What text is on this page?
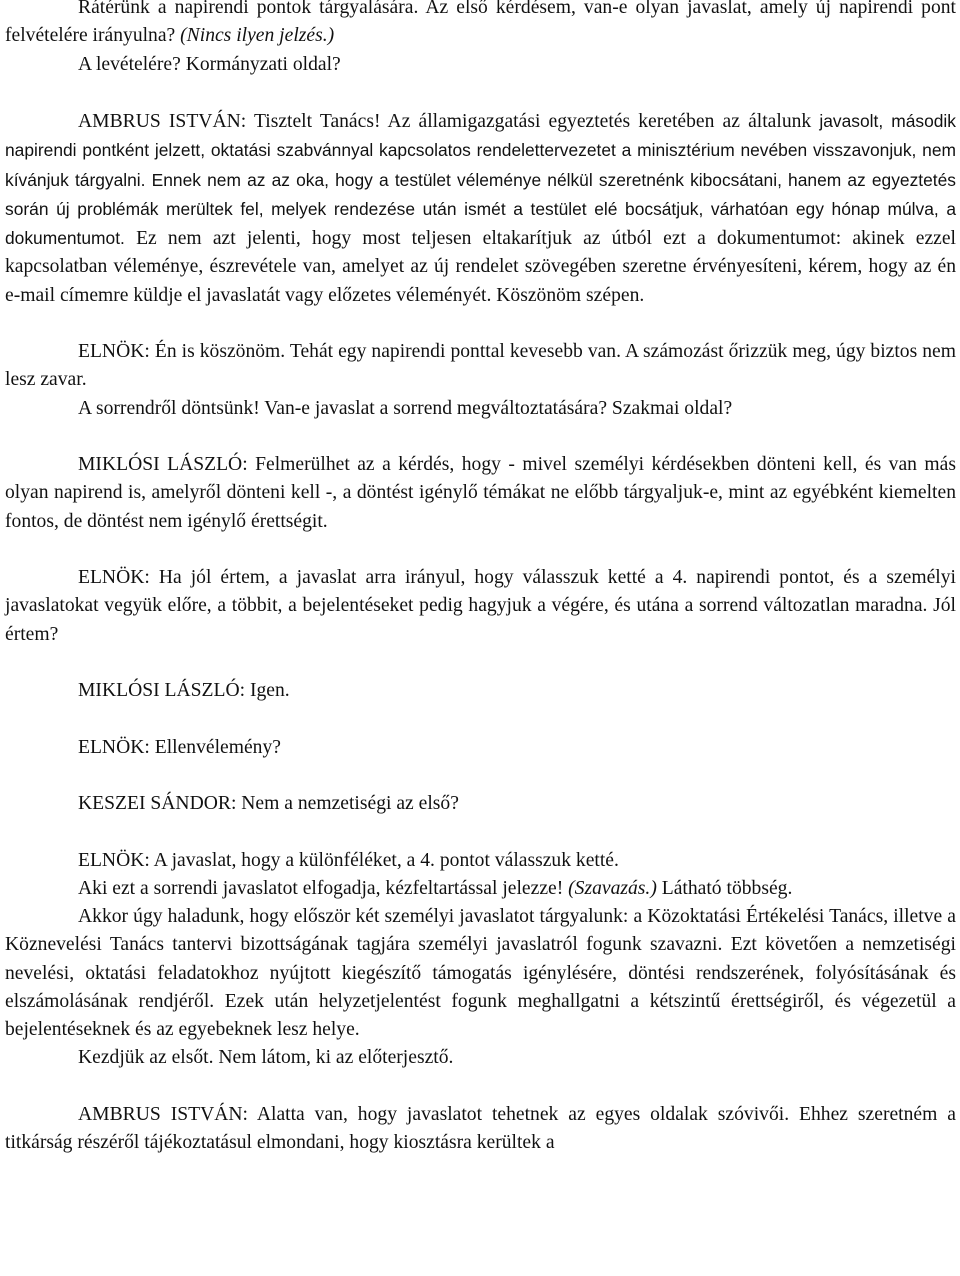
Rátérünk a napirendi pontok tárgyalására. Az első kérdésem, van-e olyan javaslat, amely új napirendi pont felvételére irányulna? (Nincs ilyen jelzés.)

A levételére? Kormányzati oldal?

AMBRUS ISTVÁN: Tisztelt Tanács! Az államigazgatási egyeztetés keretében az általunk javasolt, második napirendi pontként jelzett, oktatási szabvánnyal kapcsolatos rendelettervezetet a minisztérium nevében visszavonjuk, nem kívánjuk tárgyalni. Ennek nem az az oka, hogy a testület véleménye nélkül szeretnénk kibocsátani, hanem az egyeztetés során új problémák merültek fel, melyek rendezése után ismét a testület elé bocsátjuk, várhatóan egy hónap múlva, a dokumentumot. Ez nem azt jelenti, hogy most teljesen eltakarítjuk az útból ezt a dokumentumot: akinek ezzel kapcsolatban véleménye, észrevétele van, amelyet az új rendelet szövegében szeretne érvényesíteni, kérem, hogy az én e-mail címemre küldje el javaslatát vagy előzetes véleményét. Köszönöm szépen.

ELNÖK: Én is köszönöm. Tehát egy napirendi ponttal kevesebb van. A számozást őrizzük meg, úgy biztos nem lesz zavar.

A sorrendről döntsünk! Van-e javaslat a sorrend megváltoztatására? Szakmai oldal?

MIKLÓSI LÁSZLÓ: Felmerülhet az a kérdés, hogy - mivel személyi kérdésekben dönteni kell, és van más olyan napirend is, amelyről dönteni kell -, a döntést igénylő témákat ne előbb tárgyaljuk-e, mint az egyébként kiemelten fontos, de döntést nem igénylő érettségit.

ELNÖK: Ha jól értem, a javaslat arra irányul, hogy válasszuk ketté a 4. napirendi pontot, és a személyi javaslatokat vegyük előre, a többit, a bejelentéseket pedig hagyjuk a végére, és utána a sorrend változatlan maradna. Jól értem?

MIKLÓSI LÁSZLÓ: Igen.

ELNÖK: Ellenvélemény?

KESZEI SÁNDOR: Nem a nemzetiségi az első?

ELNÖK: A javaslat, hogy a különféléket, a 4. pontot válasszuk ketté.

Aki ezt a sorrendi javaslatot elfogadja, kézfeltartással jelezze! (Szavazás.) Látható többség.

Akkor úgy haladunk, hogy először két személyi javaslatot tárgyalunk: a Közoktatási Értékelési Tanács, illetve a Köznevelési Tanács tantervi bizottságának tagjára személyi javaslatról fogunk szavazni. Ezt követően a nemzetiségi nevelési, oktatási feladatokhoz nyújtott kiegészítő támogatás igénylésére, döntési rendszerének, folyósításának és elszámolásának rendjéről. Ezek után helyzetjelentést fogunk meghallgatni a kétszintű érettségiről, és végezetül a bejelentéseknek és az egyebeknek lesz helye.

Kezdjük az elsőt. Nem látom, ki az előterjesztő.

AMBRUS ISTVÁN: Alatta van, hogy javaslatot tehetnek az egyes oldalak szóvivői. Ehhez szeretném a titkárság részéről tájékoztatásul elmondani, hogy kiosztásra kerültek a
